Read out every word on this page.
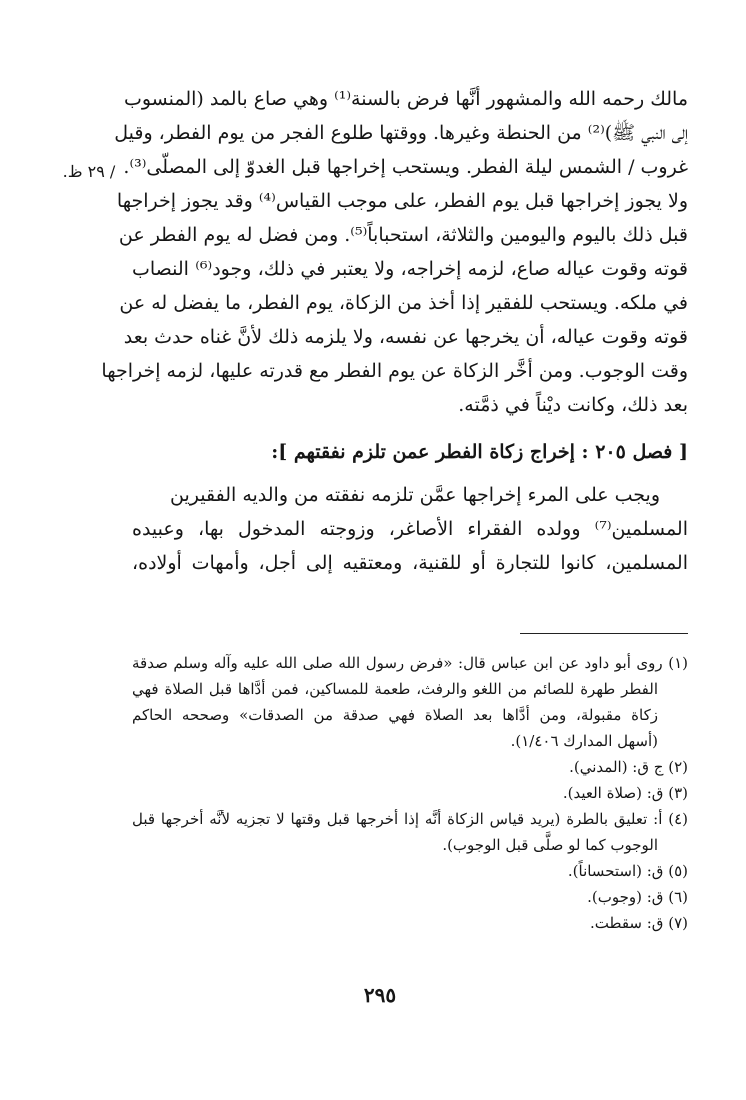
/ ٢٩ ظ.
مالك رحمه الله والمشهور أنَّها فرض بالسنة⁽¹⁾ وهي صاع بالمد (المنسوب
إلى النبي ﷺ)⁽²⁾ من الحنطة وغيرها. ووقتها طلوع الفجر من يوم الفطر، وقيل
غروب / الشمس ليلة الفطر. ويستحب إخراجها قبل الغدوّ إلى المصلّى⁽³⁾.
ولا يجوز إخراجها قبل يوم الفطر، على موجب القياس⁽⁴⁾ وقد يجوز إخراجها
قبل ذلك باليوم واليومين والثلاثة، استحباباً⁽⁵⁾. ومن فضل له يوم الفطر عن
قوته وقوت عياله صاع، لزمه إخراجه، ولا يعتبر في ذلك، وجود⁽⁶⁾ النصاب
في ملكه. ويستحب للفقير إذا أخذ من الزكاة، يوم الفطر، ما يفضل له عن
قوته وقوت عياله، أن يخرجها عن نفسه، ولا يلزمه ذلك لأنَّ غناه حدث بعد
وقت الوجوب. ومن أخَّر الزكاة عن يوم الفطر مع قدرته عليها، لزمه إخراجها
بعد ذلك، وكانت ديْناً في ذمَّته.
[ فصل ٢٠٥ : إخراج زكاة الفطر عمن تلزم نفقتهم ]:
ويجب على المرء إخراجها عمَّن تلزمه نفقته من والديه الفقيرين
المسلمين⁽⁷⁾ وولده الفقراء الأصاغر، وزوجته المدخول بها، وعبيده
المسلمين، كانوا للتجارة أو للقنية، ومعتقيه إلى أجل، وأمهات أولاده،
(١) روى أبو داود عن ابن عباس قال: «فرض رسول الله صلى الله عليه وآله وسلم صدقة
الفطر طهرة للصائم من اللغو والرفث، طعمة للمساكين، فمن أدَّاها قبل الصلاة فهي
زكاة مقبولة، ومن أدَّاها بعد الصلاة فهي صدقة من الصدقات» وصححه الحاكم
(أسهل المدارك ١/٤٠٦).
(٢) ج ق: (المدني).
(٣) ق: (صلاة العيد).
(٤) أ: تعليق بالطرة (يريد قياس الزكاة أنَّه إذا أخرجها قبل وقتها لا تجزيه لأنَّه أخرجها قبل
الوجوب كما لو صلَّى قبل الوجوب).
(٥) ق: (استحساناً).
(٦) ق: (وجوب).
(٧) ق: سقطت.
٢٩٥
